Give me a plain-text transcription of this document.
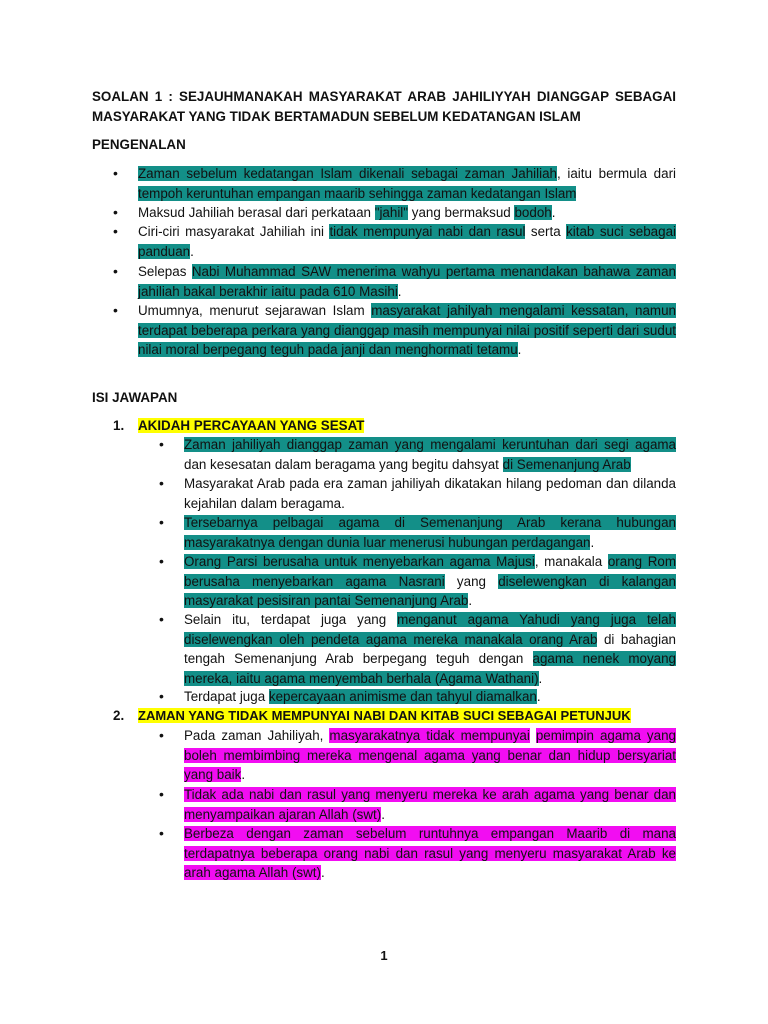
SOALAN 1 : SEJAUHMANAKAH MASYARAKAT ARAB JAHILIYYAH DIANGGAP SEBAGAI MASYARAKAT YANG TIDAK BERTAMADUN SEBELUM KEDATANGAN ISLAM
PENGENALAN
• Zaman sebelum kedatangan Islam dikenali sebagai zaman Jahiliah, iaitu bermula dari tempoh keruntuhan empangan maarib sehingga zaman kedatangan Islam
• Maksud Jahiliah berasal dari perkataan "jahil" yang bermaksud bodoh.
• Ciri-ciri masyarakat Jahiliah ini tidak mempunyai nabi dan rasul serta kitab suci sebagai panduan.
• Selepas Nabi Muhammad SAW menerima wahyu pertama menandakan bahawa zaman jahiliah bakal berakhir iaitu pada 610 Masihi.
• Umumnya, menurut sejarawan Islam masyarakat jahilyah mengalami kessatan, namun terdapat beberapa perkara yang dianggap masih mempunyai nilai positif seperti dari sudut nilai moral berpegang teguh pada janji dan menghormati tetamu.
ISI JAWAPAN
1. AKIDAH PERCAYAAN YANG SESAT
• Zaman jahiliyah dianggap zaman yang mengalami keruntuhan dari segi agama dan kesesatan dalam beragama yang begitu dahsyat di Semenanjung Arab
• Masyarakat Arab pada era zaman jahiliyah dikatakan hilang pedoman dan dilanda kejahilan dalam beragama.
• Tersebarnya pelbagai agama di Semenanjung Arab kerana hubungan masyarakatnya dengan dunia luar menerusi hubungan perdagangan.
• Orang Parsi berusaha untuk menyebarkan agama Majusi, manakala orang Rom berusaha menyebarkan agama Nasrani yang diselewengkan di kalangan masyarakat pesisiran pantai Semenanjung Arab.
• Selain itu, terdapat juga yang menganut agama Yahudi yang juga telah diselewengkan oleh pendeta agama mereka manakala orang Arab di bahagian tengah Semenanjung Arab berpegang teguh dengan agama nenek moyang mereka, iaitu agama menyembah berhala (Agama Wathani).
• Terdapat juga kepercayaan animisme dan tahyul diamalkan.
2. ZAMAN YANG TIDAK MEMPUNYAI NABI DAN KITAB SUCI SEBAGAI PETUNJUK
• Pada zaman Jahiliyah, masyarakatnya tidak mempunyai pemimpin agama yang boleh membimbing mereka mengenal agama yang benar dan hidup bersyariat yang baik.
• Tidak ada nabi dan rasul yang menyeru mereka ke arah agama yang benar dan menyampaikan ajaran Allah (swt).
• Berbeza dengan zaman sebelum runtuhnya empangan Maarib di mana terdapatnya beberapa orang nabi dan rasul yang menyeru masyarakat Arab ke arah agama Allah (swt).
1
